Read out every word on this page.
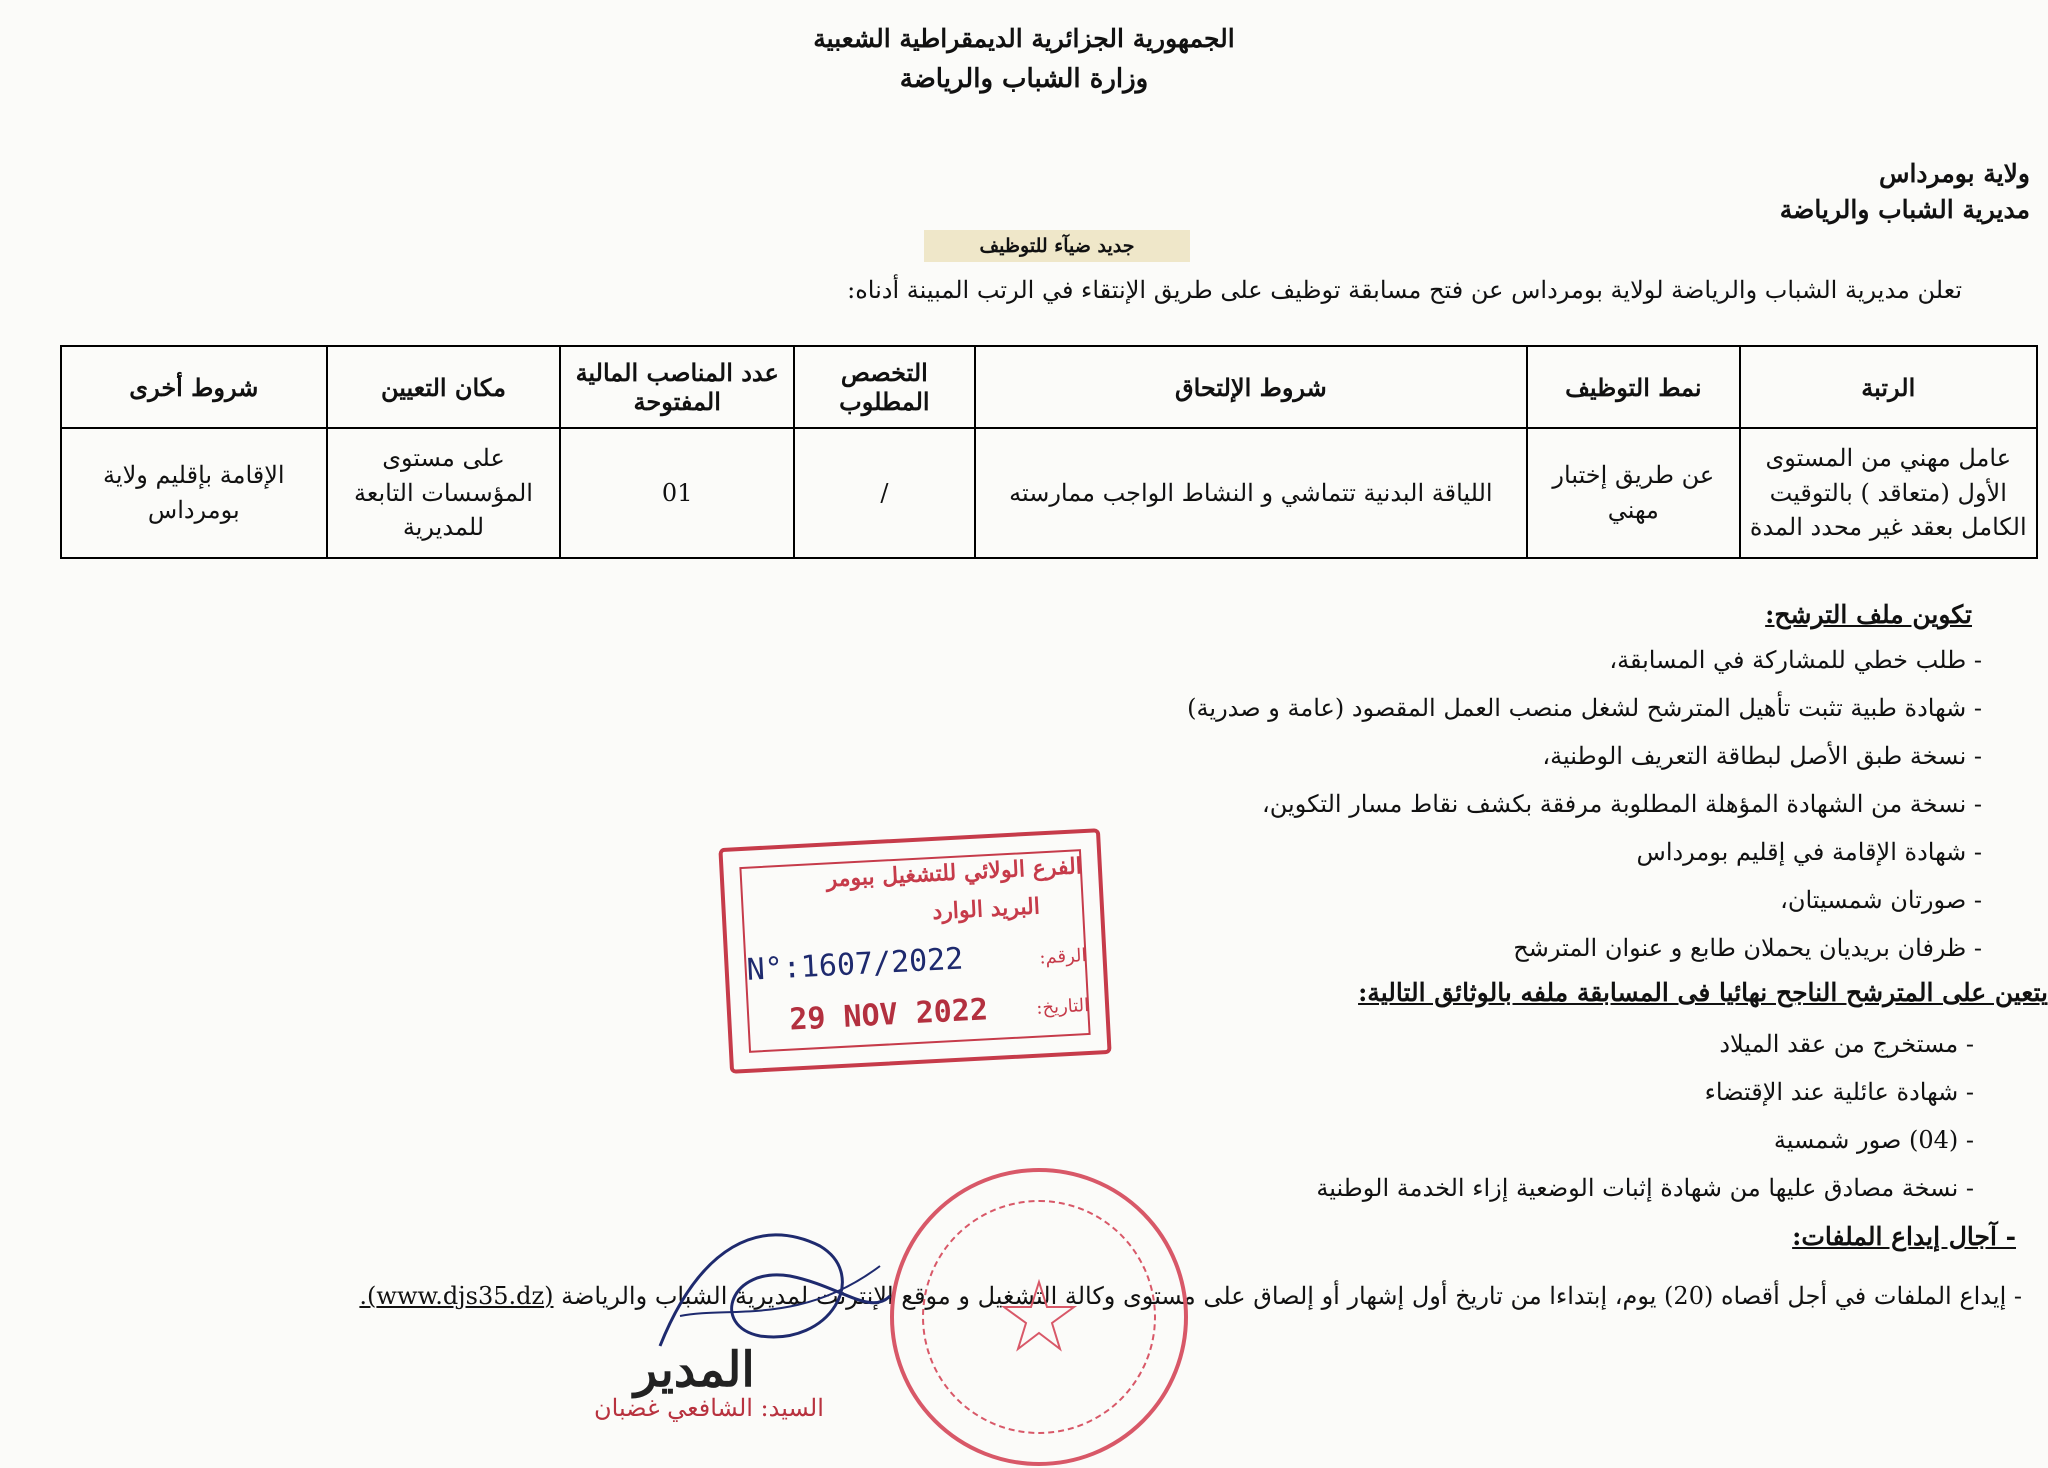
الجمهورية الجزائرية الديمقراطية الشعبية
وزارة الشباب والرياضة
ولاية بومرداس
مديرية الشباب والرياضة
جديد ضيآء للتوظيف
تعلن مديرية الشباب والرياضة لولاية بومرداس عن فتح مسابقة توظيف على طريق الإنتقاء في الرتب المبينة أدناه:
الرتبة	نمط التوظيف	شروط الإلتحاق	التخصص المطلوب	عدد المناصب المالية المفتوحة	مكان التعيين	شروط أخرى
عامل مهني من المستوى الأول (متعاقد ) بالتوقيت الكامل بعقد غير محدد المدة	عن طريق إختبار مهني	اللياقة البدنية تتماشي و النشاط الواجب ممارسته	/	01	على مستوى المؤسسات التابعة للمديرية	الإقامة بإقليم ولاية بومرداس
تكوين ملف الترشح:
- طلب خطي للمشاركة في المسابقة،
- شهادة طبية تثبت تأهيل المترشح لشغل منصب العمل المقصود (عامة و صدرية)
- نسخة طبق الأصل لبطاقة التعريف الوطنية،
- نسخة من الشهادة المؤهلة المطلوبة مرفقة بكشف نقاط مسار التكوين،
- شهادة الإقامة في إقليم بومرداس
- صورتان شمسيتان،
- ظرفان بريديان يحملان طابع و عنوان المترشح
يتعين على المترشح الناجح نهائيا فى المسابقة ملفه بالوثائق التالية:
- مستخرج من عقد الميلاد
- شهادة عائلية عند الإقتضاء
- (04) صور شمسية
- نسخة مصادق عليها من شهادة إثبات الوضعية إزاء الخدمة الوطنية
- آجال إيداع الملفات:
- إيداع الملفات في أجل أقصاه (20) يوم، إبتداءا من تاريخ أول إشهار أو إلصاق على مستوى وكالة التشغيل و موقع الإنترنت لمديرية الشباب والرياضة (www.djs35.dz).
الفرع الولائي للتشغيل ببومر
البريد الوارد
الرقم:
N°:1607/2022
التاريخ:
29 NOV 2022
المدير
السيد: الشافعي غضبان
